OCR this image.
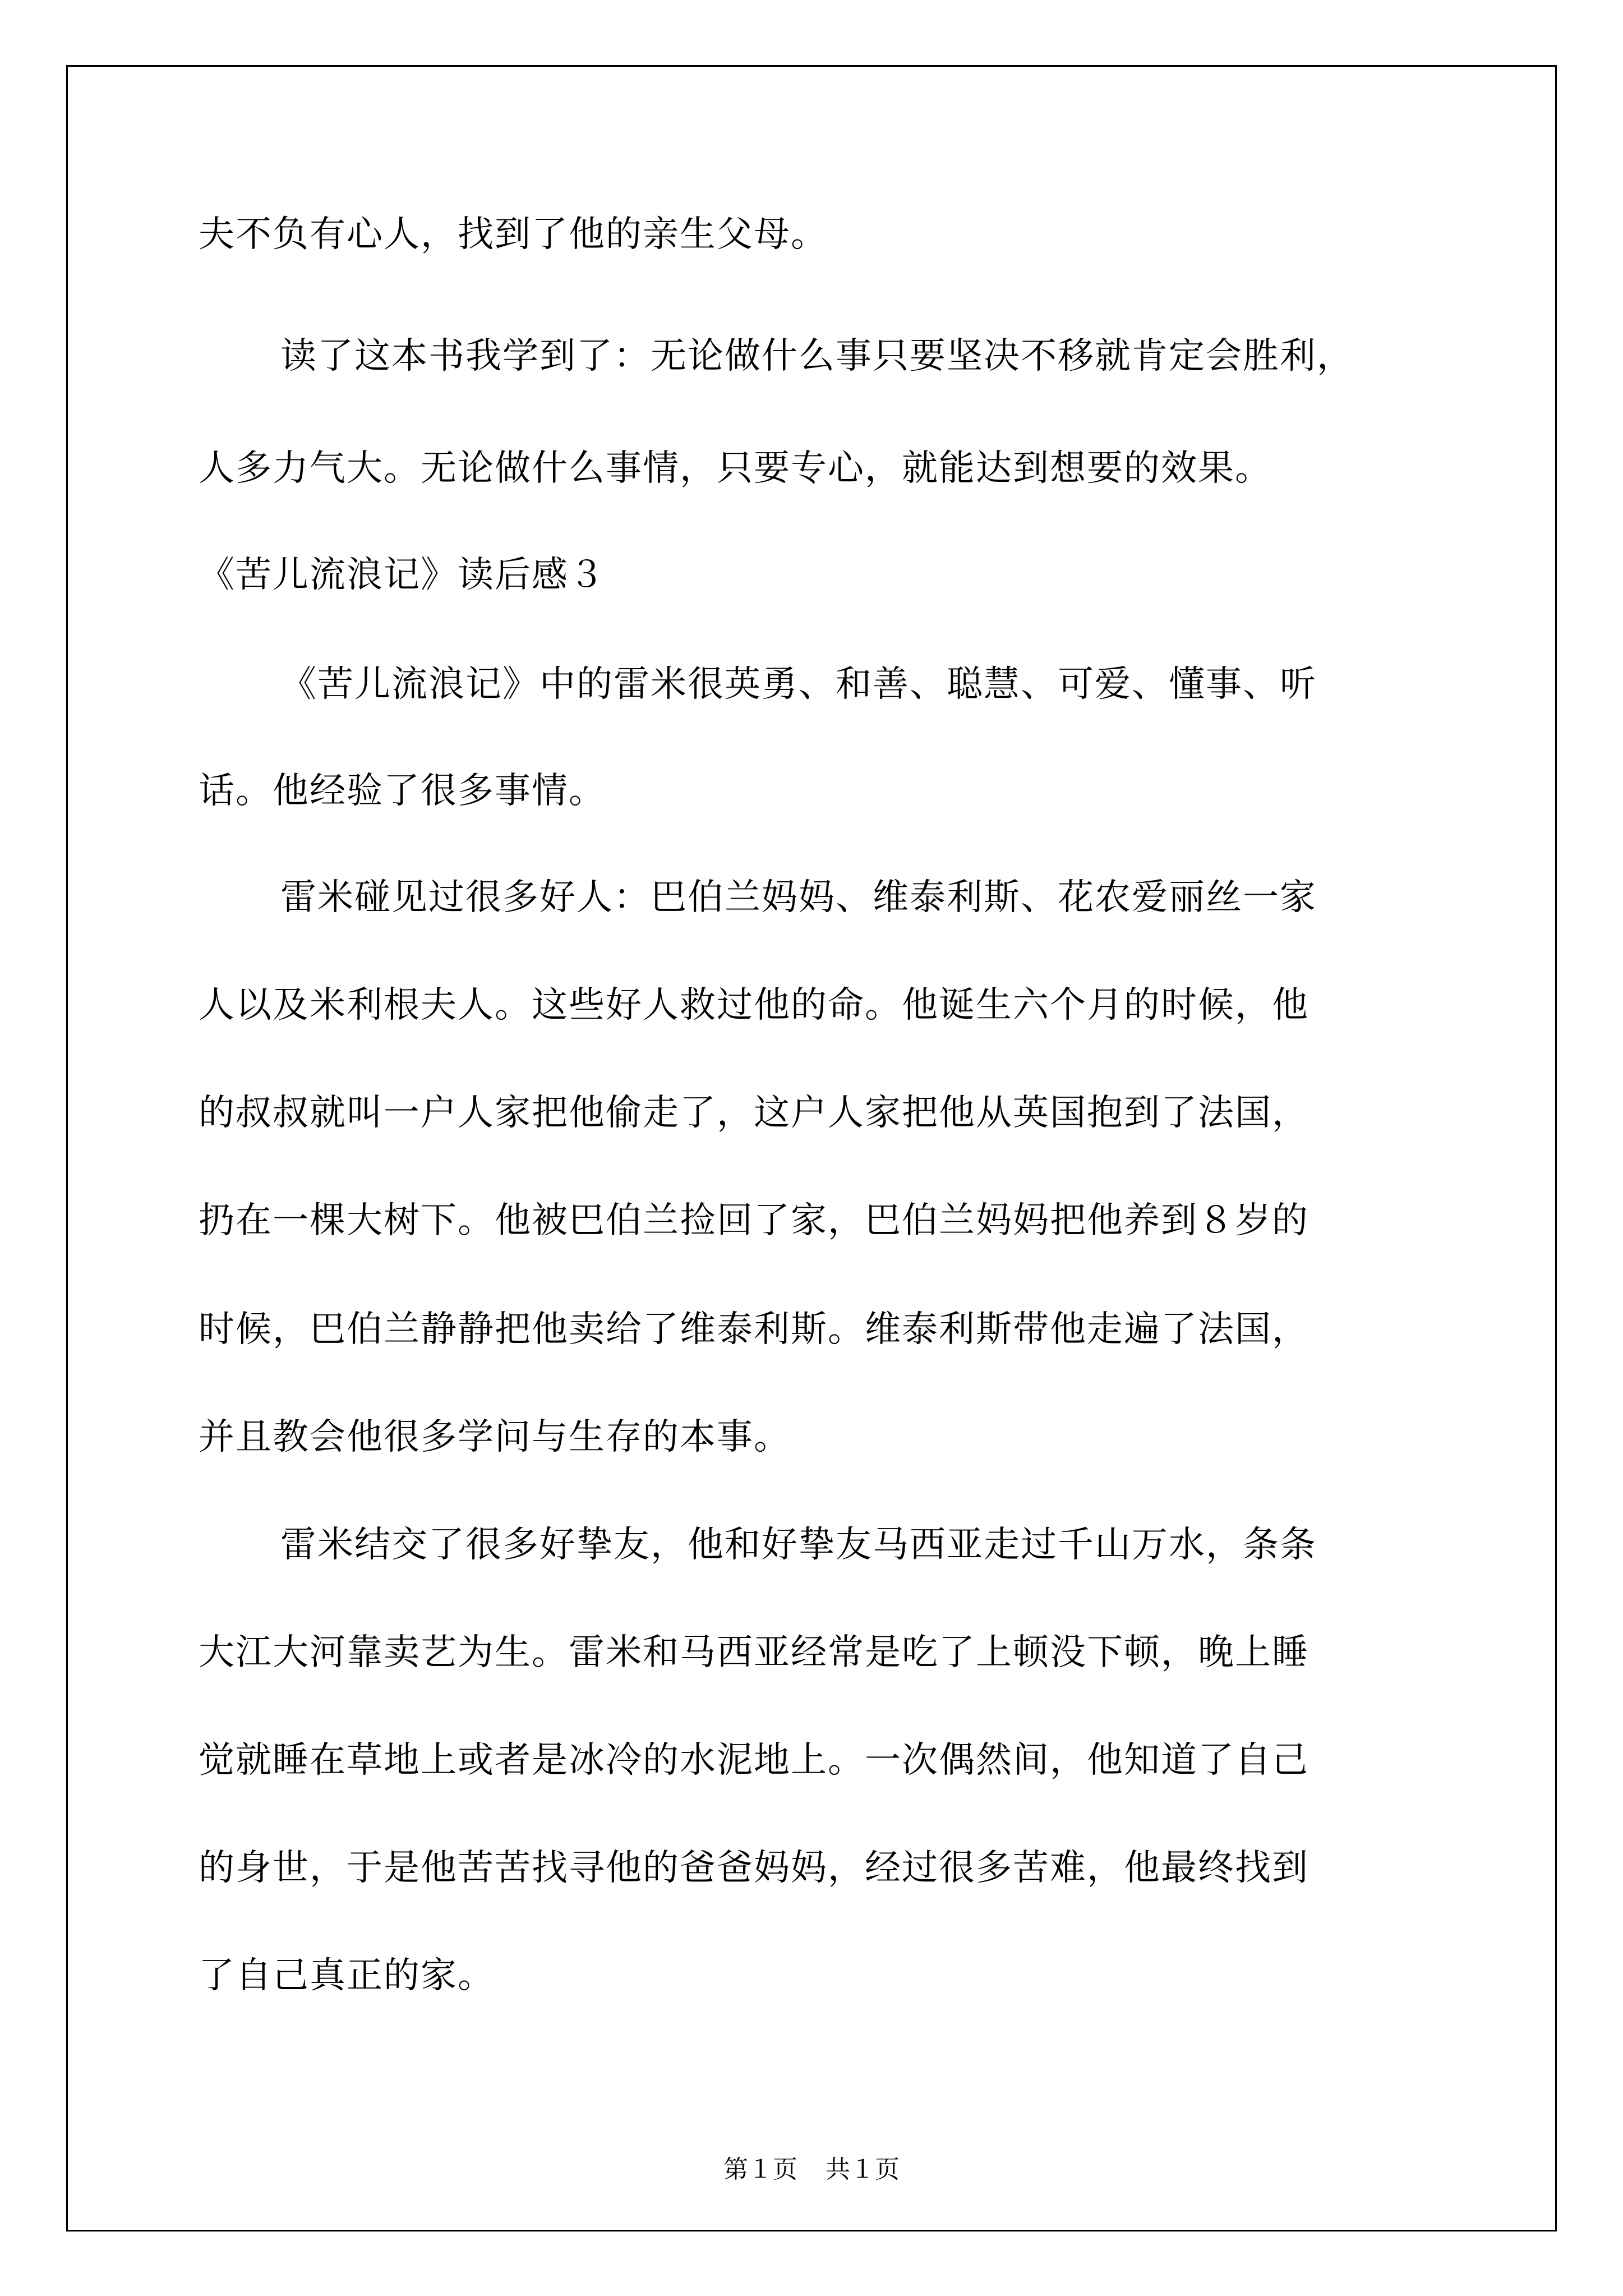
夫不负有心人，找到了他的亲生父母。
读了这本书我学到了：无论做什么事只要坚决不移就肯定会胜利，
人多力气大。无论做什么事情，只要专心，就能达到想要的效果。
《苦儿流浪记》读后感３
《苦儿流浪记》中的雷米很英勇、和善、聪慧、可爱、懂事、听
话。他经验了很多事情。
雷米碰见过很多好人：巴伯兰妈妈、维泰利斯、花农爱丽丝一家
人以及米利根夫人。这些好人救过他的命。他诞生六个月的时候，他
的叔叔就叫一户人家把他偷走了，这户人家把他从英国抱到了法国，
扔在一棵大树下。他被巴伯兰捡回了家，巴伯兰妈妈把他养到８岁的
时候，巴伯兰静静把他卖给了维泰利斯。维泰利斯带他走遍了法国，
并且教会他很多学问与生存的本事。
雷米结交了很多好挚友，他和好挚友马西亚走过千山万水，条条
大江大河靠卖艺为生。雷米和马西亚经常是吃了上顿没下顿，晚上睡
觉就睡在草地上或者是冰冷的水泥地上。一次偶然间，他知道了自己
的身世，于是他苦苦找寻他的爸爸妈妈，经过很多苦难，他最终找到
了自己真正的家。
第１页 共１页
